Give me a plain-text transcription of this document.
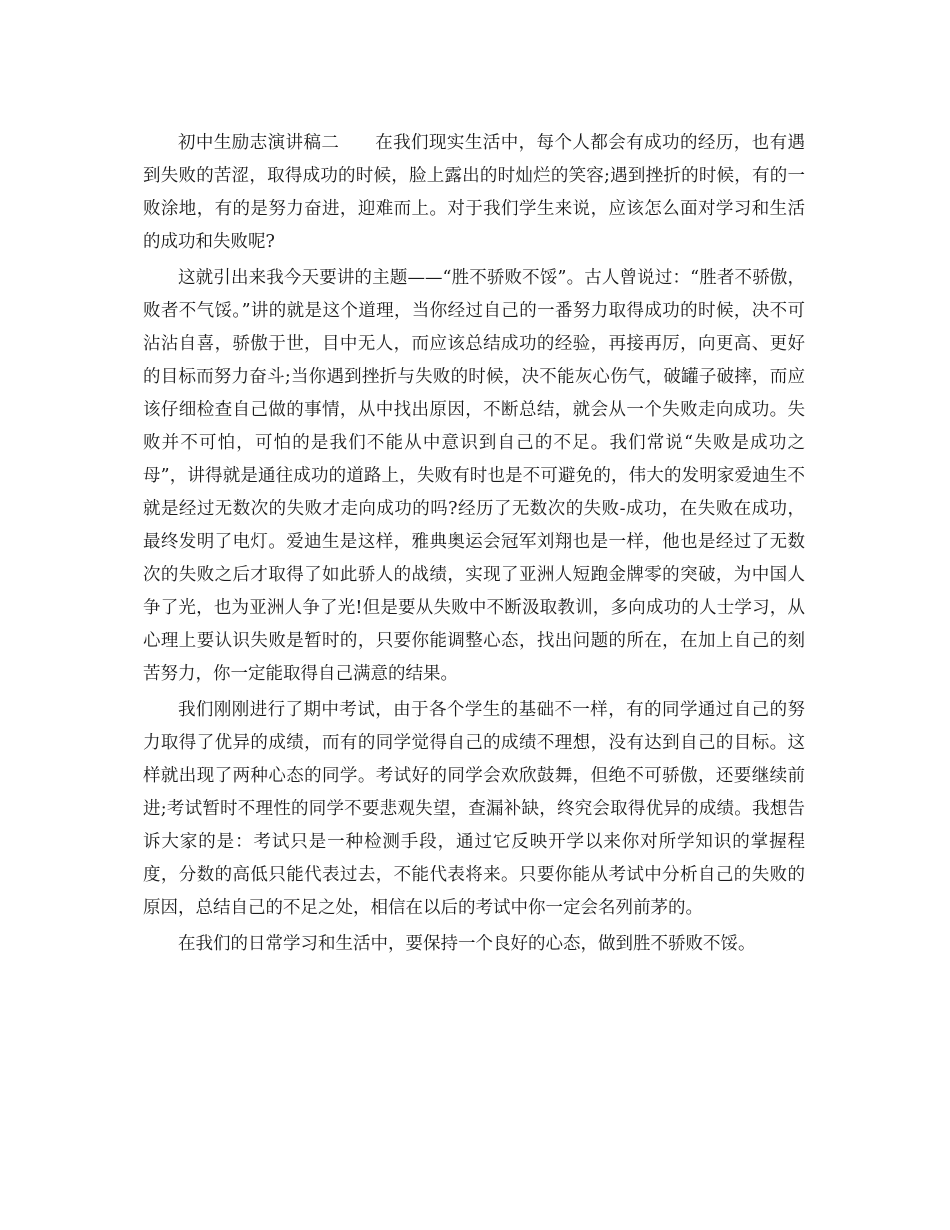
初中生励志演讲稿二　　 在我们现实生活中，每个人都会有成功的经历，也有遇到失败的苦涩，取得成功的时候，脸上露出的时灿烂的笑容;遇到挫折的时候，有的一败涂地，有的是努力奋进，迎难而上。对于我们学生来说，应该怎么面对学习和生活的成功和失败呢?

这就引出来我今天要讲的主题——“胜不骄败不馁”。古人曾说过：“胜者不骄傲，败者不气馁。”讲的就是这个道理，当你经过自己的一番努力取得成功的时候，决不可沾沾自喜，骄傲于世，目中无人，而应该总结成功的经验，再接再厉，向更高、更好的目标而努力奋斗;当你遇到挫折与失败的时候，决不能灰心伤气，破罐子破摔，而应该仔细检查自己做的事情，从中找出原因，不断总结，就会从一个失败走向成功。失败并不可怕，可怕的是我们不能从中意识到自己的不足。我们常说“失败是成功之母”，讲得就是通往成功的道路上，失败有时也是不可避免的，伟大的发明家爱迪生不就是经过无数次的失败才走向成功的吗?经历了无数次的失败-成功，在失败在成功，最终发明了电灯。爱迪生是这样，雅典奥运会冠军刘翔也是一样，他也是经过了无数次的失败之后才取得了如此骄人的战绩，实现了亚洲人短跑金牌零的突破，为中国人争了光，也为亚洲人争了光!但是要从失败中不断汲取教训，多向成功的人士学习，从心理上要认识失败是暂时的，只要你能调整心态，找出问题的所在，在加上自己的刻苦努力，你一定能取得自己满意的结果。

我们刚刚进行了期中考试，由于各个学生的基础不一样，有的同学通过自己的努力取得了优异的成绩，而有的同学觉得自己的成绩不理想，没有达到自己的目标。这样就出现了两种心态的同学。考试好的同学会欢欣鼓舞，但绝不可骄傲，还要继续前进;考试暂时不理性的同学不要悲观失望，查漏补缺，终究会取得优异的成绩。我想告诉大家的是：考试只是一种检测手段，通过它反映开学以来你对所学知识的掌握程度，分数的高低只能代表过去，不能代表将来。只要你能从考试中分析自己的失败的原因，总结自己的不足之处，相信在以后的考试中你一定会名列前茅的。

在我们的日常学习和生活中，要保持一个良好的心态，做到胜不骄败不馁。
